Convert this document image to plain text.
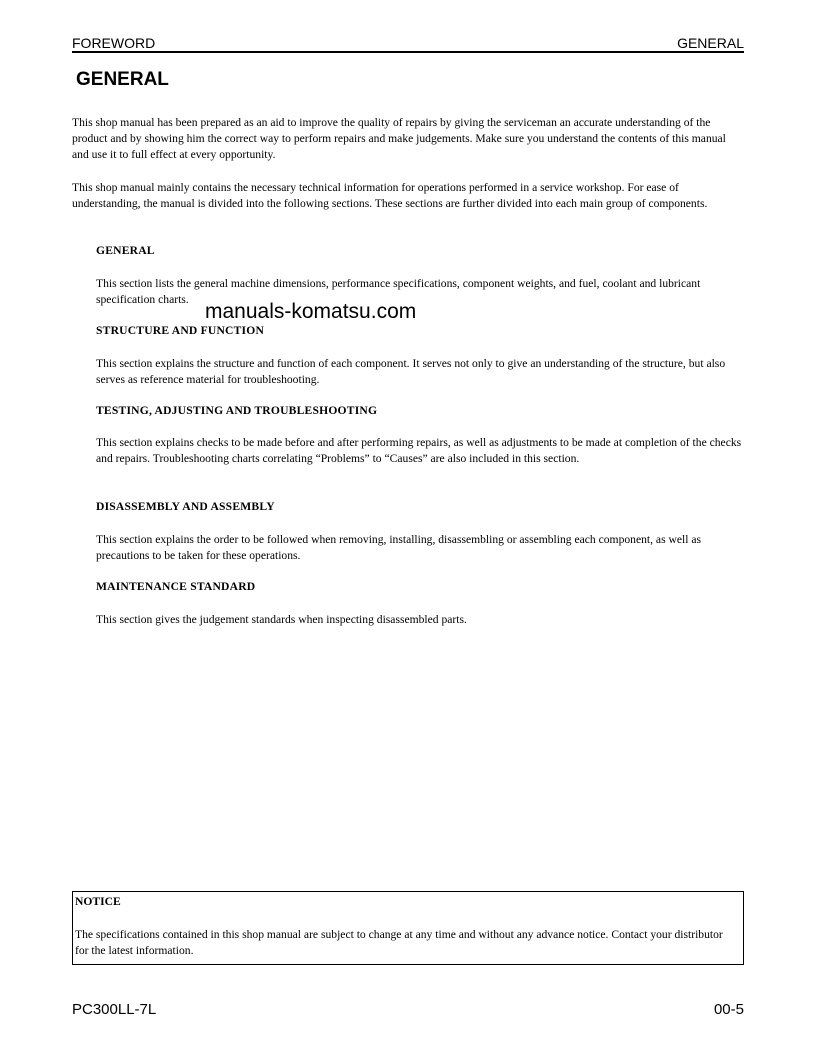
FOREWORD	GENERAL
GENERAL
This shop manual has been prepared as an aid to improve the quality of repairs by giving the serviceman an accurate understanding of the product and by showing him the correct way to perform repairs and make judgements. Make sure you understand the contents of this manual and use it to full effect at every opportunity.
This shop manual mainly contains the necessary technical information for operations performed in a service workshop. For ease of understanding, the manual is divided into the following sections. These sections are further divided into each main group of components.
GENERAL
This section lists the general machine dimensions, performance specifications, component weights, and fuel, coolant and lubricant specification charts.
manuals-komatsu.com
STRUCTURE AND FUNCTION
This section explains the structure and function of each component. It serves not only to give an understanding of the structure, but also serves as reference material for troubleshooting.
TESTING, ADJUSTING AND TROUBLESHOOTING
This section explains checks to be made before and after performing repairs, as well as adjustments to be made at completion of the checks and repairs. Troubleshooting charts correlating “Problems” to “Causes” are also included in this section.
DISASSEMBLY AND ASSEMBLY
This section explains the order to be followed when removing, installing, disassembling or assembling each component, as well as precautions to be taken for these operations.
MAINTENANCE STANDARD
This section gives the judgement standards when inspecting disassembled parts.
NOTICE
The specifications contained in this shop manual are subject to change at any time and without any advance notice. Contact your distributor for the latest information.
PC300LL-7L	00-5
